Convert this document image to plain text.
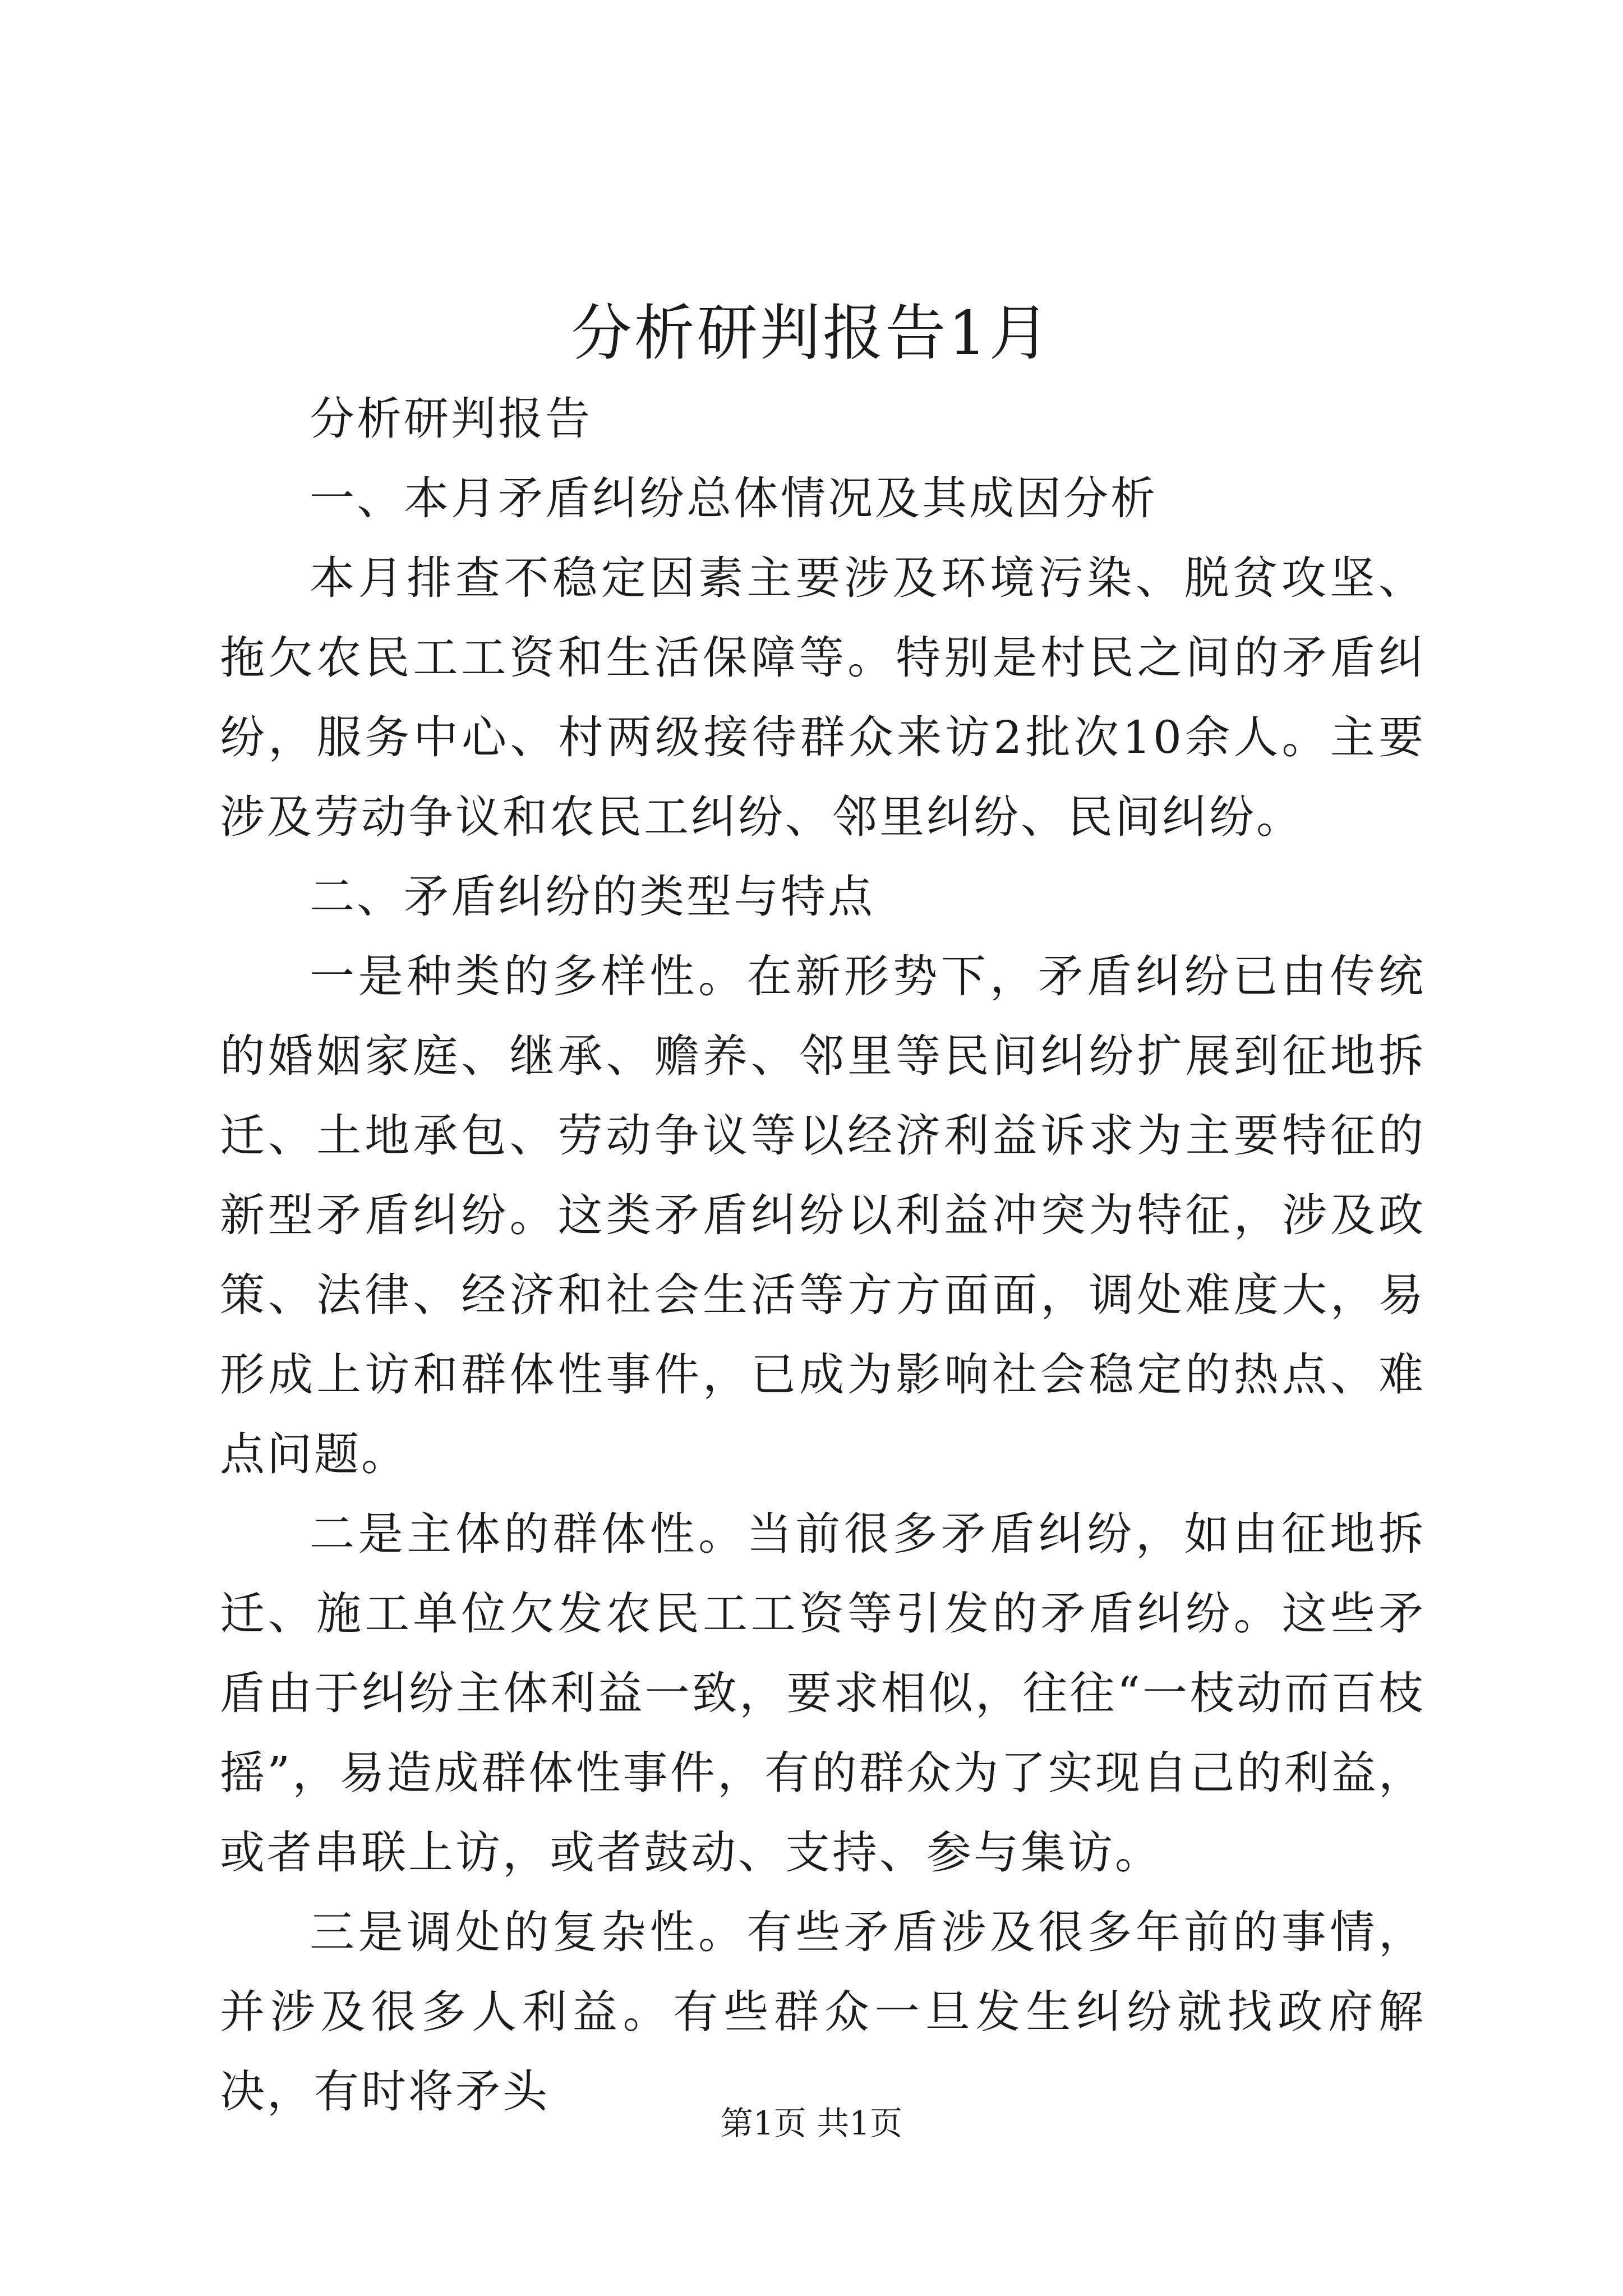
分析研判报告1月

分析研判报告

一、本月矛盾纠纷总体情况及其成因分析

本月排查不稳定因素主要涉及环境污染、脱贫攻坚、拖欠农民工工资和生活保障等。特别是村民之间的矛盾纠纷，服务中心、村两级接待群众来访2批次10余人。主要涉及劳动争议和农民工纠纷、邻里纠纷、民间纠纷。

二、矛盾纠纷的类型与特点

一是种类的多样性。在新形势下，矛盾纠纷已由传统的婚姻家庭、继承、赡养、邻里等民间纠纷扩展到征地拆迁、土地承包、劳动争议等以经济利益诉求为主要特征的新型矛盾纠纷。这类矛盾纠纷以利益冲突为特征，涉及政策、法律、经济和社会生活等方方面面，调处难度大，易形成上访和群体性事件，已成为影响社会稳定的热点、难点问题。

二是主体的群体性。当前很多矛盾纠纷，如由征地拆迁、施工单位欠发农民工工资等引发的矛盾纠纷。这些矛盾由于纠纷主体利益一致，要求相似，往往“一枝动而百枝摇”，易造成群体性事件，有的群众为了实现自己的利益，或者串联上访，或者鼓动、支持、参与集访。

三是调处的复杂性。有些矛盾涉及很多年前的事情，并涉及很多人利益。有些群众一旦发生纠纷就找政府解决，有时将矛头

第1页 共1页
